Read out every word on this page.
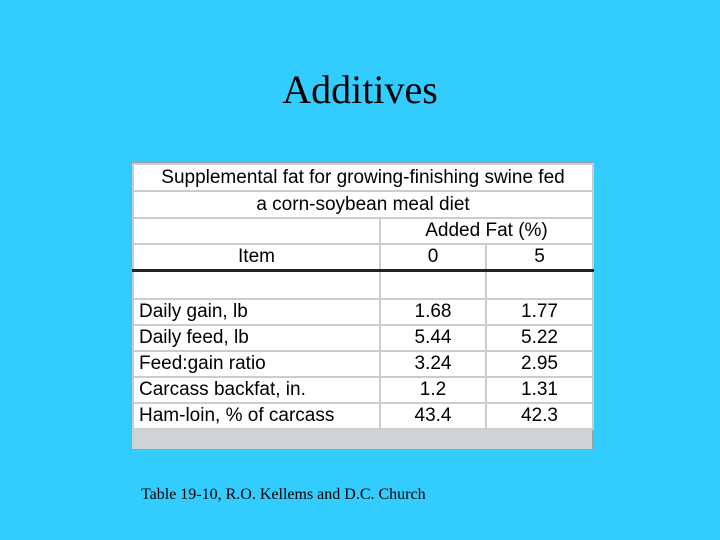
Additives
Supplemental fat for growing-finishing swine fed		
a corn-soybean meal diet		
	Added Fat (%)	
Item	0	5

Daily gain, lb	1.68	1.77
Daily feed, lb	5.44	5.22
Feed:gain ratio	3.24	2.95
Carcass backfat, in.	1.2	1.31
Ham-loin, % of carcass	43.4	42.3
Table 19-10, R.O. Kellems and D.C. Church
